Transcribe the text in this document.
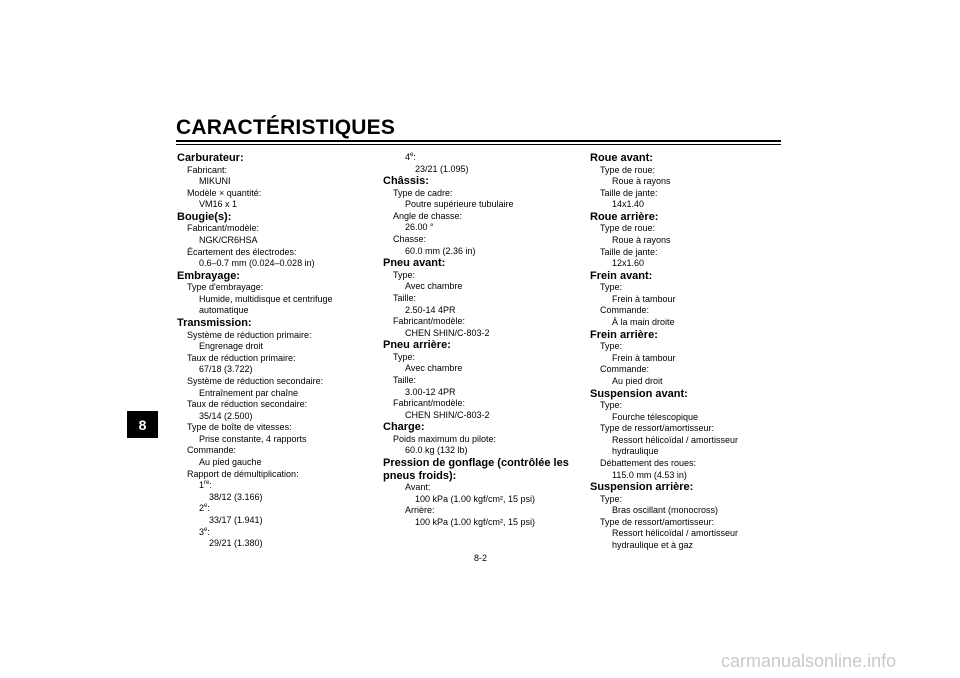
CARACTÉRISTIQUES
8
Carburateur:
Fabricant:
MIKUNI
Modèle × quantité:
VM16 x 1
Bougie(s):
Fabricant/modèle:
NGK/CR6HSA
Écartement des électrodes:
0.6–0.7 mm (0.024–0.028 in)
Embrayage:
Type d'embrayage:
Humide, multidisque et centrifuge
automatique
Transmission:
Système de réduction primaire:
Engrenage droit
Taux de réduction primaire:
67/18 (3.722)
Système de réduction secondaire:
Entraînement par chaîne
Taux de réduction secondaire:
35/14 (2.500)
Type de boîte de vitesses:
Prise constante, 4 rapports
Commande:
Au pied gauche
Rapport de démultiplication:
1re:
38/12 (3.166)
2e:
33/17 (1.941)
3e:
29/21 (1.380)
4e:
23/21 (1.095)
Châssis:
Type de cadre:
Poutre supérieure tubulaire
Angle de chasse:
26.00 °
Chasse:
60.0 mm (2.36 in)
Pneu avant:
Type:
Avec chambre
Taille:
2.50-14 4PR
Fabricant/modèle:
CHEN SHIN/C-803-2
Pneu arrière:
Type:
Avec chambre
Taille:
3.00-12 4PR
Fabricant/modèle:
CHEN SHIN/C-803-2
Charge:
Poids maximum du pilote:
60.0 kg (132 lb)
Pression de gonflage (contrôlée les
pneus froids):
Avant:
100 kPa (1.00 kgf/cm², 15 psi)
Arrière:
100 kPa (1.00 kgf/cm², 15 psi)
Roue avant:
Type de roue:
Roue à rayons
Taille de jante:
14x1.40
Roue arrière:
Type de roue:
Roue à rayons
Taille de jante:
12x1.60
Frein avant:
Type:
Frein à tambour
Commande:
À la main droite
Frein arrière:
Type:
Frein à tambour
Commande:
Au pied droit
Suspension avant:
Type:
Fourche télescopique
Type de ressort/amortisseur:
Ressort hélicoïdal / amortisseur
hydraulique
Débattement des roues:
115.0 mm (4.53 in)
Suspension arrière:
Type:
Bras oscillant (monocross)
Type de ressort/amortisseur:
Ressort hélicoïdal / amortisseur
hydraulique et à gaz
8-2
carmanualsonline.info
